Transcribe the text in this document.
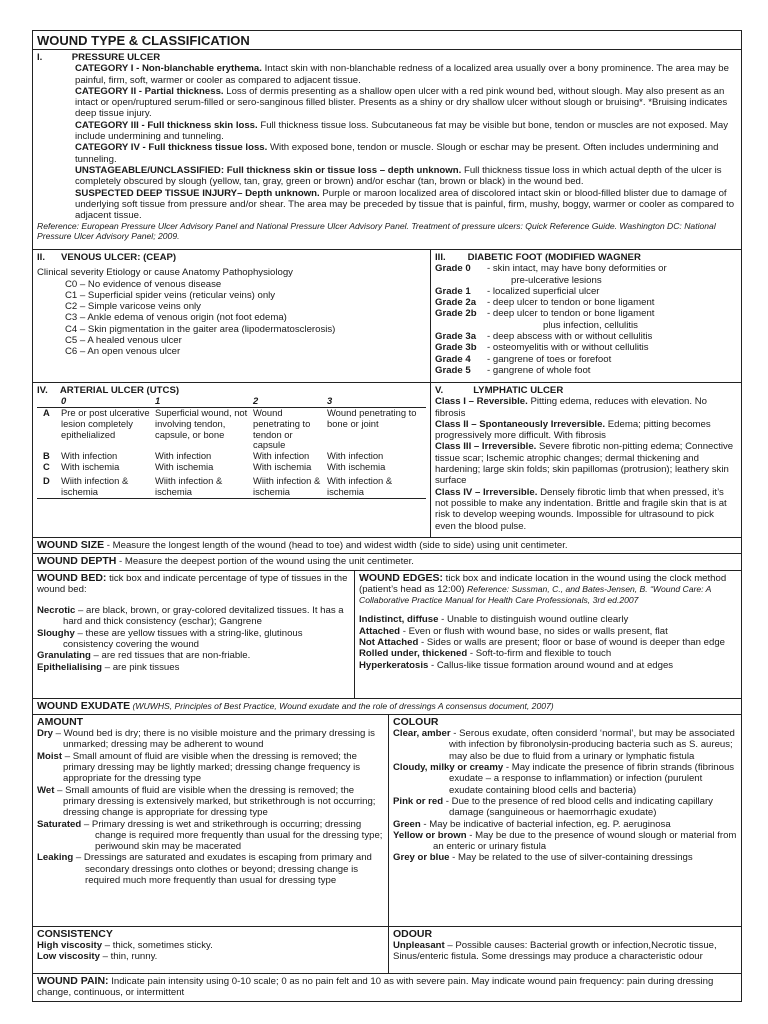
WOUND TYPE & CLASSIFICATION
I.	PRESSURE ULCER
CATEGORY I - Non-blanchable erythema. Intact skin with non-blanchable redness of a localized area usually over a bony prominence. The area may be painful, firm, soft, warmer or cooler as compared to adjacent tissue.
CATEGORY II - Partial thickness. Loss of dermis presenting as a shallow open ulcer with a red pink wound bed, without slough. May also present as an intact or open/ruptured serum-filled or sero-sanginous filled blister. Presents as a shiny or dry shallow ulcer without slough or bruising*. *Bruising indicates deep tissue injury.
CATEGORY III - Full thickness skin loss. Full thickness tissue loss. Subcutaneous fat may be visible but bone, tendon or muscles are not exposed. May include undermining and tunneling.
CATEGORY IV - Full thickness tissue loss. With exposed bone, tendon or muscle. Slough or eschar may be present. Often includes undermining and tunneling.
UNSTAGEABLE/UNCLASSIFIED: Full thickness skin or tissue loss – depth unknown. Full thickness tissue loss in which actual depth of the ulcer is completely obscured by slough (yellow, tan, gray, green or brown) and/or eschar (tan, brown or black) in the wound bed.
SUSPECTED DEEP TISSUE INJURY– Depth unknown. Purple or maroon localized area of discolored intact skin or blood-filled blister due to damage of underlying soft tissue from pressure and/or shear. The area may be preceded by tissue that is painful, firm, mushy, boggy, warmer or cooler as compared to adjacent tissue.
Reference: European Pressure Ulcer Advisory Panel and National Pressure Ulcer Advisory Panel. Treatment of pressure ulcers: Quick Reference Guide. Washington DC: National Pressure Ulcer Advisory Panel; 2009.
II. VENOUS ULCER: (CEAP)
Clinical severity Etiology or cause Anatomy Pathophysiology
C0 – No evidence of venous disease
C1 – Superficial spider veins (reticular veins) only
C2 – Simple varicose veins only
C3 – Ankle edema of venous origin (not foot edema)
C4 – Skin pigmentation in the gaiter area (lipodermatosclerosis)
C5 – A healed venous ulcer
C6 – An open venous ulcer
III. DIABETIC FOOT (MODIFIED WAGNER
Grade 0	- skin intact, may have bony deformities or
pre-ulcerative lesions
Grade 1	- localized superficial ulcer
Grade 2a	- deep ulcer to tendon or bone ligament
Grade 2b	- deep ulcer to tendon or bone ligament
plus infection, cellulitis
Grade 3a	- deep abscess with or without cellulitis
Grade 3b	- osteomyelitis with or without cellulitis
Grade 4	- gangrene of toes or forefoot
Grade 5	- gangrene of whole foot
IV. ARTERIAL ULCER (UTCS)
	0	1	2	3
A	Pre or post ulcerative lesion completely epithelialized	Superficial wound, not involving tendon, capsule, or bone	Wound penetrating to tendon or capsule	Wound penetrating to bone or joint
B	With infection	With infection	With infection	With infection
C	With ischemia	With ischemia	With ischemia	With ischemia
D	Wiith infection & ischemia	Wiith infection & ischemia	Wiith infection & ischemia	With infection & ischemia
V.	LYMPHATIC ULCER
Class I – Reversible. Pitting edema, reduces with elevation. No fibrosis
Class II – Spontaneously Irreversible. Edema; pitting becomes progressively more difficult. With fibrosis
Class III – Irreversible. Severe fibrotic non-pitting edema; Connective tissue scar; Ischemic atrophic changes; dermal thickening and hardening; large skin folds; skin papillomas (protrusion); leathery skin surface
Class IV – Irreversible. Densely fibrotic limb that when pressed, it’s not possible to make any indentation. Brittle and fragile skin that is at risk to develop weeping wounds. Impossible for ultrasound to pick even the blood pulse.
WOUND SIZE - Measure the longest length of the wound (head to toe) and widest width (side to side) using unit centimeter.
WOUND DEPTH - Measure the deepest portion of the wound using the unit centimeter.
WOUND BED: tick box and indicate percentage of type of tissues in the wound bed:
Necrotic – are black, brown, or gray-colored devitalized tissues. It has a hard and thick consistency (eschar); Gangrene
Sloughy – these are yellow tissues with a string-like, glutinous consistency covering the wound
Granulating – are red tissues that are non-friable.
Epithelialising – are pink tissues
WOUND EDGES: tick box and indicate location in the wound using the clock method (patient’s head as 12:00) Reference: Sussman, C., and Bates-Jensen, B. “Wound Care: A Collaborative Practice Manual for Health Care Professionals, 3rd ed.2007
Indistinct, diffuse - Unable to distinguish wound outline clearly
Attached - Even or flush with wound base, no sides or walls present, flat
Not Attached - Sides or walls are present; floor or base of wound is deeper than edge
Rolled under, thickened - Soft-to-firm and flexible to touch
Hyperkeratosis - Callus-like tissue formation around wound and at edges
WOUND EXUDATE (WUWHS, Principles of Best Practice, Wound exudate and the role of dressings A consensus document, 2007)
AMOUNT
Dry – Wound bed is dry; there is no visible moisture and the primary dressing is unmarked; dressing may be adherent to wound
Moist – Small amount of fluid are visible when the dressing is removed; the primary dressing may be lightly marked; dressing change frequency is appropriate for the dressing type
Wet – Small amounts of fluid are visible when the dressing is removed; the primary dressing is extensively marked, but strikethrough is not occurring; dressing change is appropriate for dressing type
Saturated – Primary dressing is wet and strikethrough is occurring; dressing change is required more frequently than usual for the dressing type; periwound skin may be macerated
Leaking – Dressings are saturated and exudates is escaping from primary and secondary dressings onto clothes or beyond; dressing change is required much more frequently than usual for dressing type
COLOUR
Clear, amber - Serous exudate, often considerd ‘normal’, but may be associated with infection by fibronolysin-producing bacteria such as S. aureus; may also be due to fluid from a urinary or lymphatic fistula
Cloudy, milky or creamy - May indicate the presence of fibrin strands (fibrinous exudate – a response to inflammation) or infection (purulent exudate containing blood cells and bacteria)
Pink or red - Due to the presence of red blood cells and indicating capillary damage (sanguineous or haemorrhagic exudate)
Green - May be indicative of bacterial infection, eg. P. aeruginosa
Yellow or brown - May be due to the presence of wound slough or material from an enteric or urinary fistula
Grey or blue - May be related to the use of silver-containing dressings
CONSISTENCY
High viscosity – thick, sometimes sticky.
Low viscosity – thin, runny.
ODOUR
Unpleasant – Possible causes: Bacterial growth or infection,Necrotic tissue, Sinus/enteric fistula. Some dressings may produce a characteristic odour
WOUND PAIN: Indicate pain intensity using 0-10 scale; 0 as no pain felt and 10 as with severe pain. May indicate wound pain frequency: pain during dressing change, continuous, or intermittent
